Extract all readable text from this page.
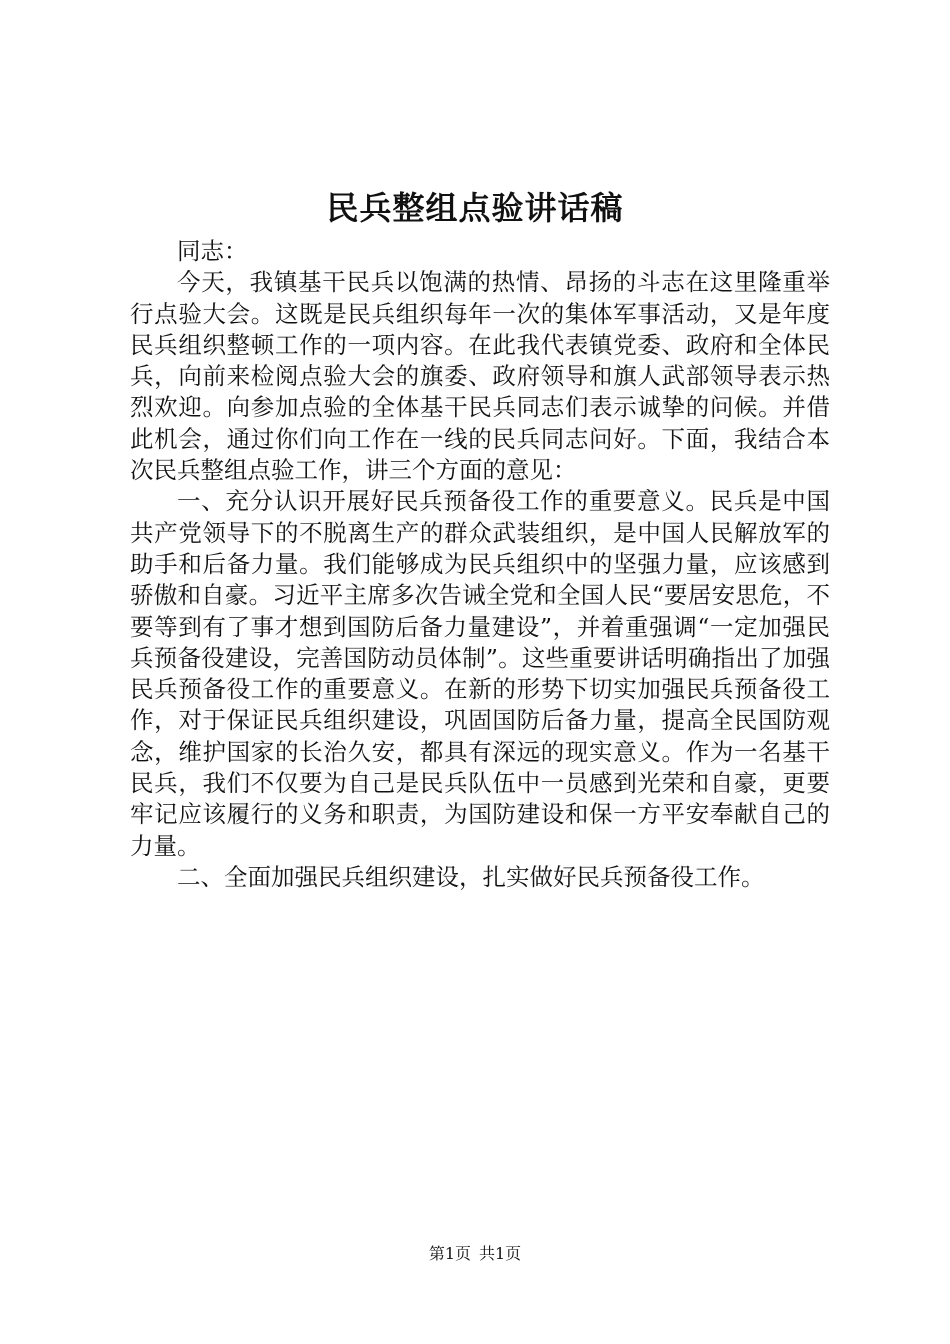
民兵整组点验讲话稿

同志：

今天，我镇基干民兵以饱满的热情、昂扬的斗志在这里隆重举行点验大会。这既是民兵组织每年一次的集体军事活动，又是年度民兵组织整顿工作的一项内容。在此我代表镇党委、政府和全体民兵，向前来检阅点验大会的旗委、政府领导和旗人武部领导表示热烈欢迎。向参加点验的全体基干民兵同志们表示诚挚的问候。并借此机会，通过你们向工作在一线的民兵同志问好。下面，我结合本次民兵整组点验工作，讲三个方面的意见：

一、充分认识开展好民兵预备役工作的重要意义。民兵是中国共产党领导下的不脱离生产的群众武装组织，是中国人民解放军的助手和后备力量。我们能够成为民兵组织中的坚强力量，应该感到骄傲和自豪。习近平主席多次告诫全党和全国人民“要居安思危，不要等到有了事才想到国防后备力量建设”，并着重强调“一定加强民兵预备役建设，完善国防动员体制”。这些重要讲话明确指出了加强民兵预备役工作的重要意义。在新的形势下切实加强民兵预备役工作，对于保证民兵组织建设，巩固国防后备力量，提高全民国防观念，维护国家的长治久安，都具有深远的现实意义。作为一名基干民兵，我们不仅要为自己是民兵队伍中一员感到光荣和自豪，更要牢记应该履行的义务和职责，为国防建设和保一方平安奉献自己的力量。

二、全面加强民兵组织建设，扎实做好民兵预备役工作。

第1页 共1页
